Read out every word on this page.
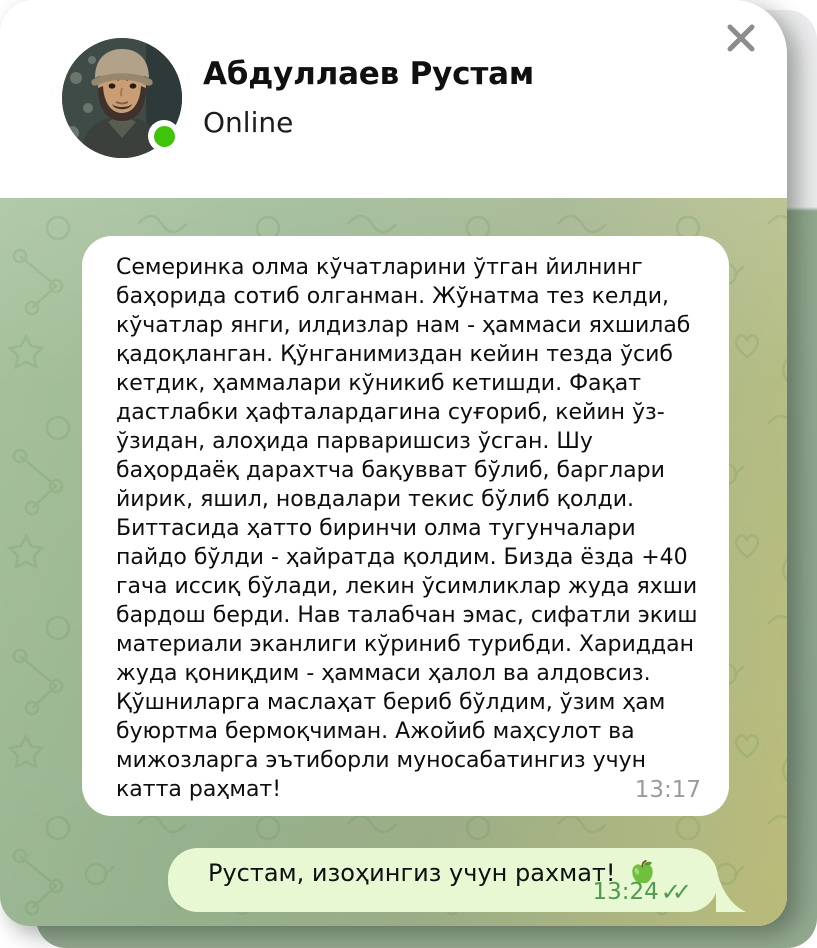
Абдуллаев Рустам
Online

Семеринка олма кўчатларини ўтган йилнинг баҳорида сотиб олганман. Жўнатма тез келди, кўчатлар янги, илдизлар нам - ҳаммаси яхшилаб қадоқланган. Қўнганимиздан кейин тезда ўсиб кетдик, ҳаммалари кўникиб кетишди. Фақат дастлабки ҳафталардагина суғориб, кейин ўз-ўзидан, алоҳида парваришсиз ўсган. Шу баҳордаёқ дарахтча бақувват бўлиб, барглари йирик, яшил, новдалари текис бўлиб қолди. Биттасида ҳатто биринчи олма тугунчалари пайдо бўлди - ҳайратда қолдим. Бизда ёзда +40 гача иссиқ бўлади, лекин ўсимликлар жуда яхши бардош берди. Нав талабчан эмас, сифатли экиш материали эканлиги кўриниб турибди. Хариддан жуда қониқдим - ҳаммаси ҳалол ва алдовсиз. Қўшниларга маслаҳат бериб бўлдим, ўзим ҳам буюртма бермоқчиман. Ажойиб маҳсулот ва мижозларга эътиборли муносабатингиз учун катта раҳмат!	13:17
Рустам, изоҳингиз учун рахмат!
13:24 ✓✓
